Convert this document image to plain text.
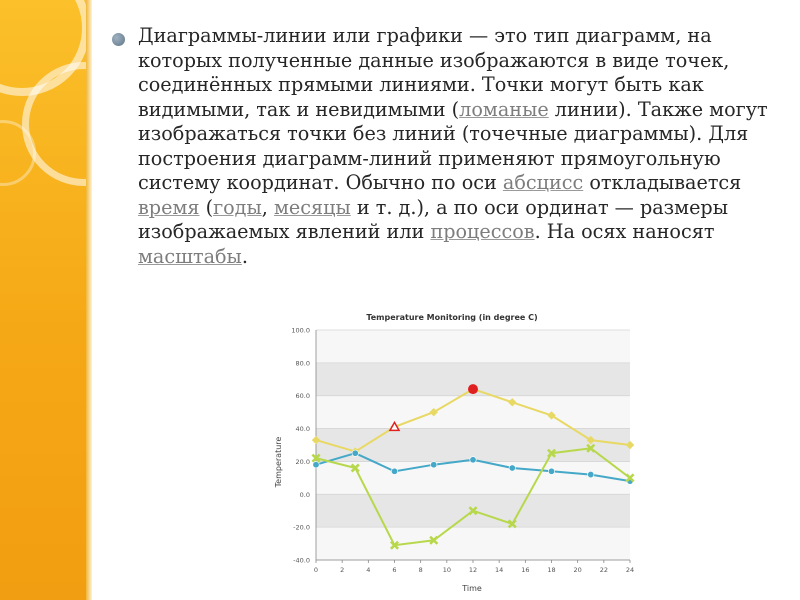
Диаграммы-линии или графики — это тип диаграмм, на которых полученные данные изображаются в виде точек, соединённых прямыми линиями. Точки могут быть как видимыми, так и невидимыми (ломаные линии). Также могут изображаться точки без линий (точечные диаграммы). Для построения диаграмм-линий применяют прямоугольную систему координат. Обычно по оси абсцисс откладывается время (годы, месяцы и т. д.), а по оси ординат — размеры изображаемых явлений или процессов. На осях наносят масштабы.

Temperature Monitoring (in degree C)
-40.0
-20.0
0.0
20.0
40.0
60.0
80.0
100.0
0	2	4	6	8	10	12	14	16	18	20	22	24
Time
Temperature
